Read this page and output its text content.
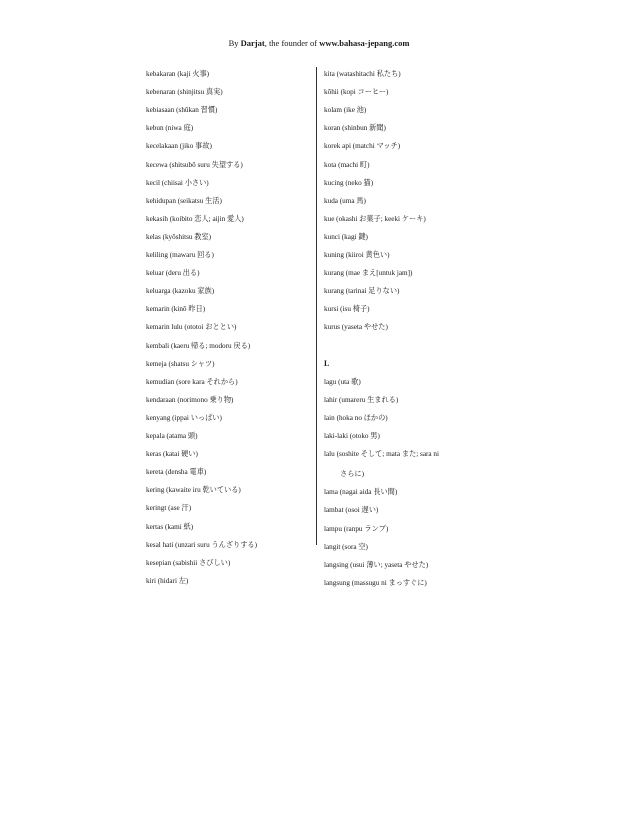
By Darjat, the founder of www.bahasa-jepang.com
kebakaran (kaji 火事)
kebenaran (shinjitsu 真実)
kebiasaan (shūkan 習慣)
kebun (niwa 庭)
kecelakaan (jiko 事故)
kecewa (shitsubō suru 失望する)
kecil (chiisai 小さい)
kehidupan (seikatsu 生活)
kekasih (koibito 恋人; aijin 愛人)
kelas (kyōshitsu 教室)
keliling (mawaru 回る)
keluar (deru 出る)
keluarga (kazoku 家族)
kemarin (kinō 昨日)
kemarin lulu (ototoi おととい)
kembali (kaeru 帰る; modoru 戻る)
kemeja (shatsu シャツ)
kemudian (sore kara それから)
kendaraan (norimono 乗り物)
kenyang (ippai いっぱい)
kepala (atama 頭)
keras (katai 硬い)
kereta (densha 電車)
kering (kawaite iru 乾いている)
keringt (ase 汗)
kertas (kami 紙)
kesal hati (unzari suru うんざりする)
kesepian (sabishii さびしい)
kiri (hidari 左)
kita (watashitachi 私たち)
kōhii (kopi コーヒー)
kolam (ike 池)
koran (shinbun 新聞)
korek api (matchi マッチ)
kota (machi 町)
kucing (neko 猫)
kuda (uma 馬)
kue (okashi お菓子; keeki ケーキ)
kunci (kagi 鍵)
kuning (kiiroi 黄色い)
kurang (mae まえ[untuk jam])
kurang (tarinai 足りない)
kursi (isu 椅子)
kurus (yaseta やせた)
L
lagu (uta 歌)
lahir (umareru 生まれる)
lain (hoka no ほかの)
laki-laki (otoko 男)
lalu (soshite そして; mata また; sara ni
さらに)
lama (nagai aida 長い間)
lambat (osoi 遅い)
lampu (ranpu ランプ)
langit (sora 空)
langsing (usui 薄い; yaseta やせた)
langsung (massugu ni まっすぐに)
